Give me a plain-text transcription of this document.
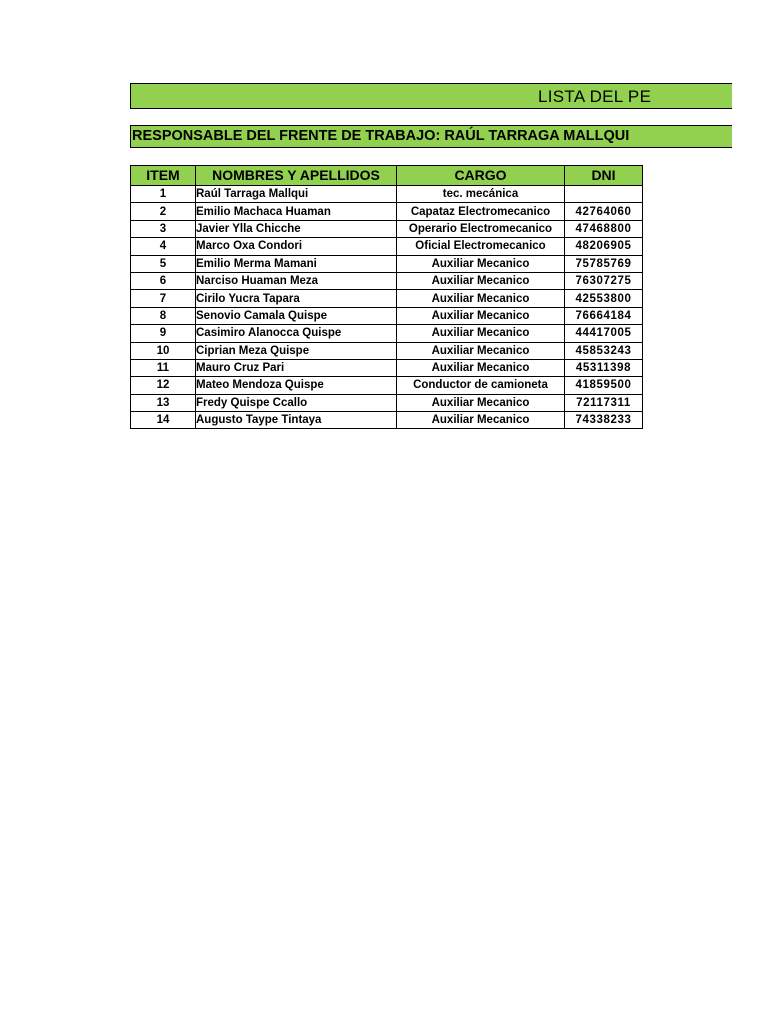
LISTA DEL PE
RESPONSABLE DEL FRENTE DE TRABAJO: RAÚL TARRAGA MALLQUI
ITEM	NOMBRES Y APELLIDOS	CARGO	DNI
1	Raúl Tarraga Mallqui	tec. mecánica	
2	Emilio Machaca Huaman	Capataz Electromecanico	42764060
3	Javier Ylla Chicche	Operario Electromecanico	47468800
4	Marco Oxa Condori	Oficial Electromecanico	48206905
5	Emilio Merma Mamani	Auxiliar Mecanico	75785769
6	Narciso Huaman Meza	Auxiliar Mecanico	76307275
7	Cirilo Yucra Tapara	Auxiliar Mecanico	42553800
8	Senovio Camala Quispe	Auxiliar Mecanico	76664184
9	Casimiro Alanocca Quispe	Auxiliar Mecanico	44417005
10	Ciprian Meza Quispe	Auxiliar Mecanico	45853243
11	Mauro Cruz Pari	Auxiliar Mecanico	45311398
12	Mateo Mendoza Quispe	Conductor de camioneta	41859500
13	Fredy Quispe Ccallo	Auxiliar Mecanico	72117311
14	Augusto Taype Tintaya	Auxiliar Mecanico	74338233
